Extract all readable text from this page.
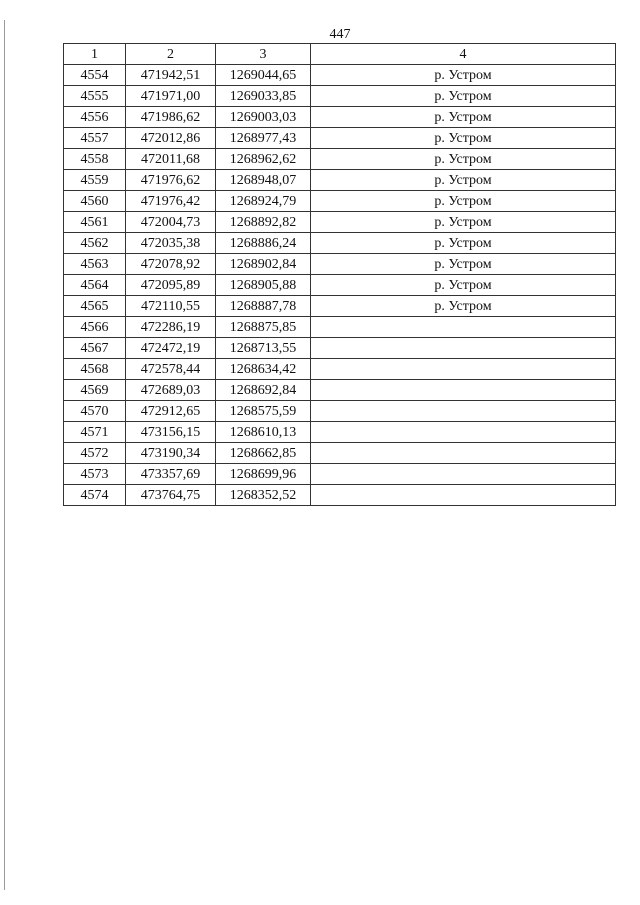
447
1	2	3	4
4554	471942,51	1269044,65	р. Устром
4555	471971,00	1269033,85	р. Устром
4556	471986,62	1269003,03	р. Устром
4557	472012,86	1268977,43	р. Устром
4558	472011,68	1268962,62	р. Устром
4559	471976,62	1268948,07	р. Устром
4560	471976,42	1268924,79	р. Устром
4561	472004,73	1268892,82	р. Устром
4562	472035,38	1268886,24	р. Устром
4563	472078,92	1268902,84	р. Устром
4564	472095,89	1268905,88	р. Устром
4565	472110,55	1268887,78	р. Устром
4566	472286,19	1268875,85	
4567	472472,19	1268713,55	
4568	472578,44	1268634,42	
4569	472689,03	1268692,84	
4570	472912,65	1268575,59	
4571	473156,15	1268610,13	
4572	473190,34	1268662,85	
4573	473357,69	1268699,96	
4574	473764,75	1268352,52	
